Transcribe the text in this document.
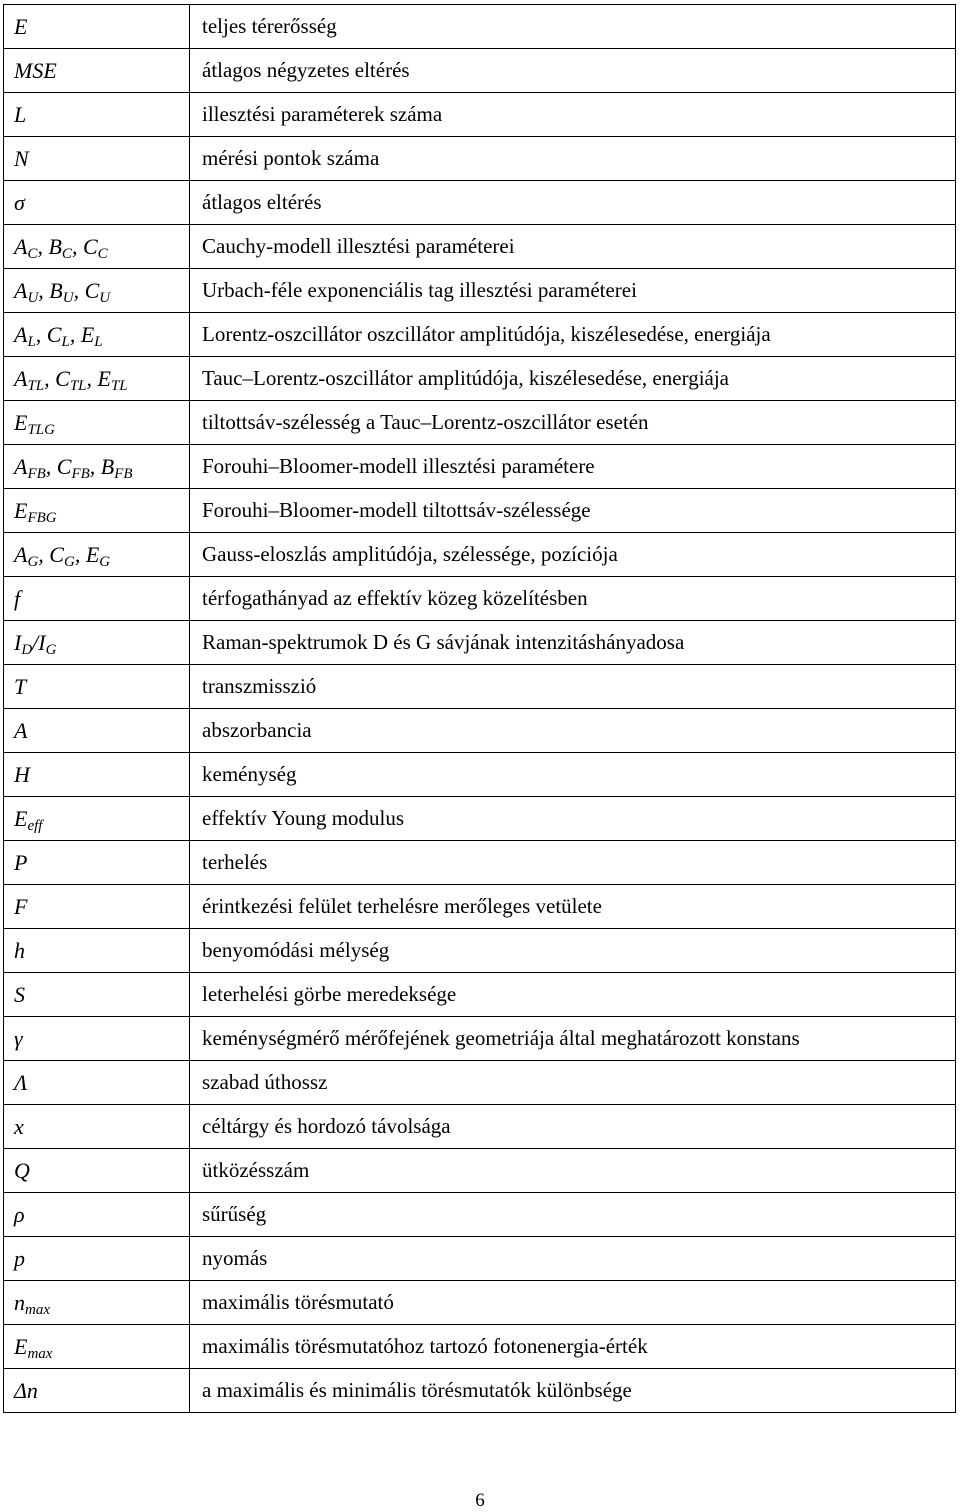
E⃗	teljes térerősség
MSE	átlagos négyzetes eltérés
L	illesztési paraméterek száma
N	mérési pontok száma
σ	átlagos eltérés
$A_C$, $B_C$, $C_C$	Cauchy-modell illesztési paraméterei
$A_U$, $B_U$, $C_U$	Urbach-féle exponenciális tag illesztési paraméterei
$A_L$, $C_L$, $E_L$	Lorentz-oszcillátor oszcillátor amplitúdója, kiszélesedése, energiája
$A_{TL}$, $C_{TL}$, $E_{TL}$	Tauc–Lorentz-oszcillátor amplitúdója, kiszélesedése, energiája
$E_{TLG}$	tiltottsáv-szélesség a Tauc–Lorentz-oszcillátor esetén
$A_{FB}$, $C_{FB}$, $B_{FB}$	Forouhi–Bloomer-modell illesztési paramétere
$E_{FBG}$	Forouhi–Bloomer-modell tiltottsáv-szélessége
$A_G$, $C_G$, $E_G$	Gauss-eloszlás amplitúdója, szélessége, pozíciója
f	térfogathányad az effektív közeg közelítésben
$I_D/I_G$	Raman-spektrumok D és G sávjának intenzitáshányadosa
T	transzmisszió
A	abszorbancia
H	keménység
$E_{eff}$	effektív Young modulus
P	terhelés
F	érintkezési felület terhelésre merőleges vetülete
h	benyomódási mélység
S	leterhelési görbe meredeksége
γ	keménységmérő mérőfejének geometriája által meghatározott konstans
Λ	szabad úthossz
x	céltárgy és hordozó távolsága
Q	ütközésszám
ρ	sűrűség
p	nyomás
$n_{max}$	maximális törésmutató
$E_{max}$	maximális törésmutatóhoz tartozó fotonenergia-érték
Δn	a maximális és minimális törésmutatók különbsége
6
